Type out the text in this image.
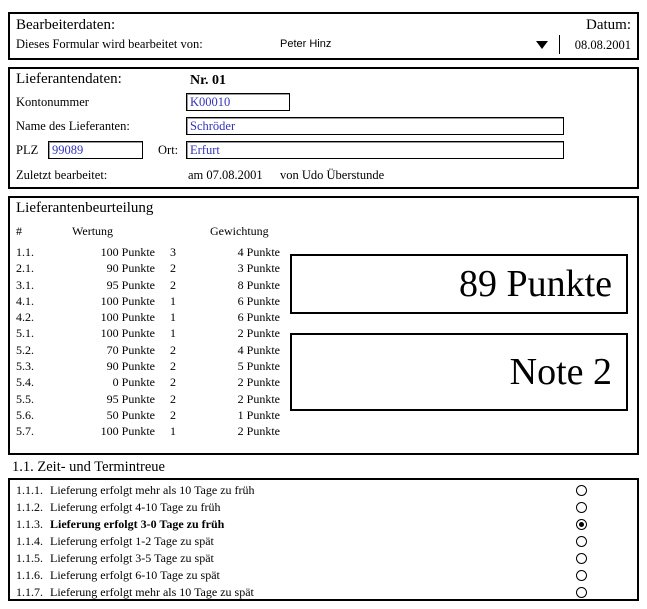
Bearbeiterdaten:
Dieses Formular wird bearbeitet von:	Peter Hinz
Datum:
08.08.2001
Lieferantendaten:	Nr. 01
Kontonummer	K00010
Name des Lieferanten:	Schröder
PLZ	99089	Ort: Erfurt
Zuletzt bearbeitet:	am 07.08.2001 von Udo Überstunde
Lieferantenbeurteilung
#	Wertung	Gewichtung
1.1.	100 Punkte	3	4 Punkte
2.1.	90 Punkte	2	3 Punkte
3.1.	95 Punkte	2	8 Punkte
4.1.	100 Punkte	1	6 Punkte
4.2.	100 Punkte	1	6 Punkte
5.1.	100 Punkte	1	2 Punkte
5.2.	70 Punkte	2	4 Punkte
5.3.	90 Punkte	2	5 Punkte
5.4.	0 Punkte	2	2 Punkte
5.5.	95 Punkte	2	2 Punkte
5.6.	50 Punkte	2	1 Punkte
5.7.	100 Punkte	1	2 Punkte
89 Punkte
Note 2
1.1. Zeit- und Termintreue
1.1.1. Lieferung erfolgt mehr als 10 Tage zu früh
1.1.2. Lieferung erfolgt 4-10 Tage zu früh
1.1.3. Lieferung erfolgt 3-0 Tage zu früh
1.1.4. Lieferung erfolgt 1-2 Tage zu spät
1.1.5. Lieferung erfolgt 3-5 Tage zu spät
1.1.6. Lieferung erfolgt 6-10 Tage zu spät
1.1.7. Lieferung erfolgt mehr als 10 Tage zu spät
